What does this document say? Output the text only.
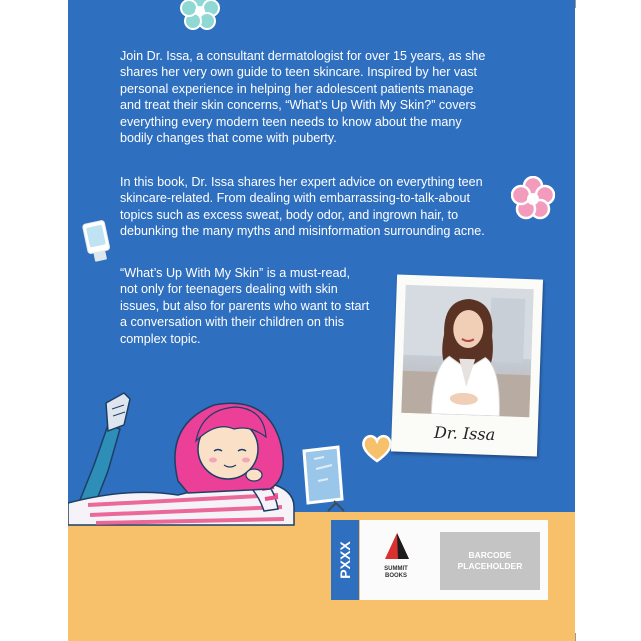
Join Dr. Issa, a consultant dermatologist for over 15 years, as she
shares her very own guide to teen skincare. Inspired by her vast
personal experience in helping her adolescent patients manage
and treat their skin concerns, “What’s Up With My Skin?” covers
everything every modern teen needs to know about the many
bodily changes that come with puberty.

In this book, Dr. Issa shares her expert advice on everything teen
skincare-related. From dealing with embarrassing-to-talk-about
topics such as excess sweat, body odor, and ingrown hair, to
debunking the many myths and misinformation surrounding acne.

“What’s Up With My Skin” is a must-read,
not only for teenagers dealing with skin
issues, but also for parents who want to start
a conversation with their children on this
complex topic.

Dr. Issa
PXXX	SUMMIT
BOOKS
BARCODE
PLACEHOLDER
